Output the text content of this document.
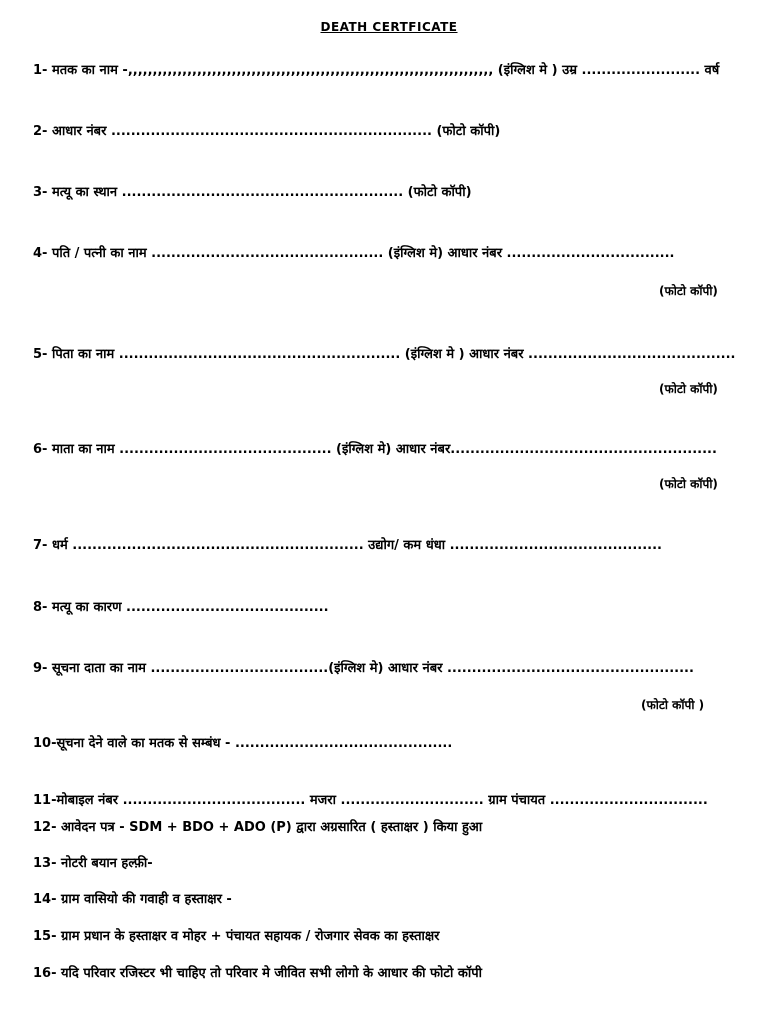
DEATH CERTFICATE
1- मतक का नाम -,,,,,,,,,,,,,,,,,,,,,,,,,,,,,,,,,,,,,,,,,,,,,,,,,,,,,,,,,,,,,,,,,,,,,,,,,, (इंग्लिश मे ) उम्र ........................ वर्ष
2- आधार नंबर ................................................................. (फोटो कॉपी)
3- मत्यू का स्थान ......................................................... (फोटो कॉपी)
4- पति / पत्नी का नाम ............................................... (इंग्लिश मे) आधार नंबर ..................................
(फोटो कॉपी)
5- पिता का नाम ......................................................... (इंग्लिश मे ) आधार नंबर ..........................................
(फोटो कॉपी)
6- माता का नाम ........................................... (इंग्लिश मे) आधार नंबर......................................................
(फोटो कॉपी)
7- धर्म ........................................................... उद्योग/ कम धंधा ...........................................
8- मत्यू का कारण .........................................
9- सूचना दाता का नाम ....................................(इंग्लिश मे) आधार नंबर ..................................................
(फोटो कॉपी )
10-सूचना देने वाले का मतक से सम्बंध - ............................................
11-मोबाइल नंबर ..................................... मजरा ............................. ग्राम पंचायत ................................
12- आवेदन पत्र - SDM + BDO + ADO (P) द्वारा अग्रसारित ( हस्ताक्षर ) किया हुआ
13- नोटरी बयान हल्फ़ी-
14- ग्राम वासियो की गवाही व हस्ताक्षर -
15- ग्राम प्रधान के हस्ताक्षर व मोहर + पंचायत सहायक / रोजगार सेवक का हस्ताक्षर
16- यदि परिवार रजिस्टर भी चाहिए तो परिवार मे जीवित सभी लोगो के आधार की फोटो कॉपी
